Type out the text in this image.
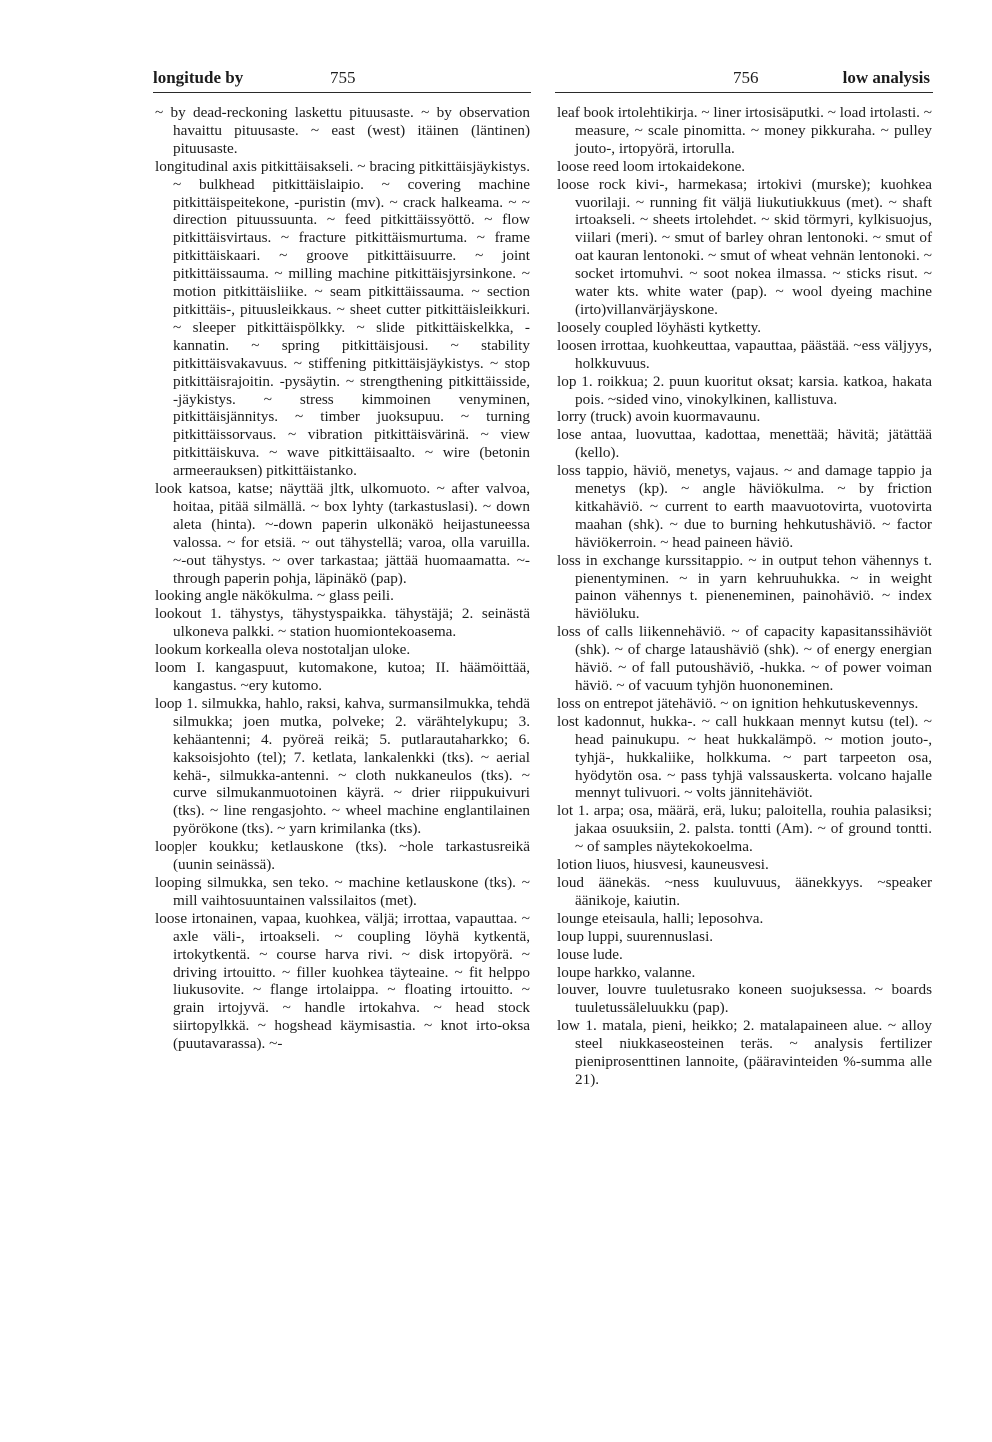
longitude by	755	756	low analysis

~ by dead-reckoning laskettu pituusaste. ~ by observation havaittu pituusaste. ~ east (west) itäinen (läntinen) pituusaste.

longitudinal axis pitkittäisakseli. ~ bracing pitkittäisjäykistys. ~ bulkhead pitkittäislaipio. ~ covering machine pitkittäispeitekone, -puristin (mv). ~ crack halkeama. ~ ~ direction pituussuunta. ~ feed pitkittäissyöttö. ~ flow pitkittäisvirtaus. ~ fracture pitkittäismurtuma. ~ frame pitkittäiskaari. ~ groove pitkittäisuurre. ~ joint pitkittäissauma. ~ milling machine pitkittäisjyrsinkone. ~ motion pitkittäisliike. ~ seam pitkittäissauma. ~ section pitkittäis-, pituusleikkaus. ~ sheet cutter pitkittäisleikkuri. ~ sleeper pitkittäispölkky. ~ slide pitkittäiskelkka, -kannatin. ~ spring pitkittäisjousi. ~ stability pitkittäisvakavuus. ~ stiffening pitkittäisjäykistys. ~ stop pitkittäisrajoitin. -pysäytin. ~ strengthening pitkittäisside, -jäykistys. ~ stress kimmoinen venyminen, pitkittäisjännitys. ~ timber juoksupuu. ~ turning pitkittäissorvaus. ~ vibration pitkittäisvärinä. ~ view pitkittäiskuva. ~ wave pitkittäisaalto. ~ wire (betonin armeerauksen) pitkittäistanko.

look katsoa, katse; näyttää jltk, ulkomuoto. ~ after valvoa, hoitaa, pitää silmällä. ~ box lyhty (tarkastuslasi). ~ down aleta (hinta). ~-down paperin ulkonäkö heijastuneessa valossa. ~ for etsiä. ~ out tähystellä; varoa, olla varuilla. ~-out tähystys. ~ over tarkastaa; jättää huomaamatta. ~-through paperin pohja, läpinäkö (pap).

looking angle näkökulma. ~ glass peili.

lookout 1. tähystys, tähystyspaikka. tähystäjä; 2. seinästä ulkoneva palkki. ~ station huomiontekoasema.

lookum korkealla oleva nostotaljan uloke.

loom I. kangaspuut, kutomakone, kutoa; II. häämöittää, kangastus. ~ery kutomo.

loop 1. silmukka, hahlo, raksi, kahva, surmansilmukka, tehdä silmukka; joen mutka, polveke; 2. värähtelykupu; 3. kehäantenni; 4. pyöreä reikä; 5. putlarautaharkko; 6. kaksoisjohto (tel); 7. ketlata, lankalenkki (tks). ~ aerial kehä-, silmukka-antenni. ~ cloth nukkaneulos (tks). ~ curve silmukanmuotoinen käyrä. ~ drier riippukuivuri (tks). ~ line rengasjohto. ~ wheel machine englantilainen pyörökone (tks). ~ yarn krimilanka (tks).

loop|er koukku; ketlauskone (tks). ~hole tarkastusreikä (uunin seinässä).

looping silmukka, sen teko. ~ machine ketlauskone (tks). ~ mill vaihtosuuntainen valssilaitos (met).

loose irtonainen, vapaa, kuohkea, väljä; irrottaa, vapauttaa. ~ axle väli-, irtoakseli. ~ coupling löyhä kytkentä, irtokytkentä. ~ course harva rivi. ~ disk irtopyörä. ~ driving irtouitto. ~ filler kuohkea täyteaine. ~ fit helppo liukusovite. ~ flange irtolaippa. ~ floating irtouitto. ~ grain irtojyvä. ~ handle irtokahva. ~ head stock siirtopylkkä. ~ hogshead käymisastia. ~ knot irto-oksa (puutavarassa). ~-

leaf book irtolehtikirja. ~ liner irtosisäputki. ~ load irtolasti. ~ measure, ~ scale pinomitta. ~ money pikkuraha. ~ pulley jouto-, irtopyörä, irtorulla.

loose reed loom irtokaidekone.

loose rock kivi-, harmekasa; irtokivi (murske); kuohkea vuorilaji. ~ running fit väljä liukutiukkuus (met). ~ shaft irtoakseli. ~ sheets irtolehdet. ~ skid törmyri, kylkisuojus, viilari (meri). ~ smut of barley ohran lentonoki. ~ smut of oat kauran lentonoki. ~ smut of wheat vehnän lentonoki. ~ socket irtomuhvi. ~ soot nokea ilmassa. ~ sticks risut. ~ water kts. white water (pap). ~ wool dyeing machine (irto)villanvärjäyskone.

loosely coupled löyhästi kytketty.

loosen irrottaa, kuohkeuttaa, vapauttaa, päästää. ~ess väljyys, holkkuvuus.

lop 1. roikkua; 2. puun kuoritut oksat; karsia. katkoa, hakata pois. ~sided vino, vinokylkinen, kallistuva.

lorry (truck) avoin kuormavaunu.

lose antaa, luovuttaa, kadottaa, menettää; hävitä; jätättää (kello).

loss tappio, häviö, menetys, vajaus. ~ and damage tappio ja menetys (kp). ~ angle häviökulma. ~ by friction kitkahäviö. ~ current to earth maavuotovirta, vuotovirta maahan (shk). ~ due to burning hehkutushäviö. ~ factor häviökerroin. ~ head paineen häviö.

loss in exchange kurssitappio. ~ in output tehon vähennys t. pienentyminen. ~ in yarn kehruuhukka. ~ in weight painon vähennys t. pieneneminen, painohäviö. ~ index häviöluku.

loss of calls liikennehäviö. ~ of capacity kapasitanssihäviöt (shk). ~ of charge lataushäviö (shk). ~ of energy energian häviö. ~ of fall putoushäviö, -hukka. ~ of power voiman häviö. ~ of vacuum tyhjön huononeminen.

loss on entrepot jätehäviö. ~ on ignition hehkutuskevennys.

lost kadonnut, hukka-. ~ call hukkaan mennyt kutsu (tel). ~ head painukupu. ~ heat hukkalämpö. ~ motion jouto-, tyhjä-, hukkaliike, holkkuma. ~ part tarpeeton osa, hyödytön osa. ~ pass tyhjä valssauskerta. volcano hajalle mennyt tulivuori. ~ volts jännitehäviöt.

lot 1. arpa; osa, määrä, erä, luku; paloitella, rouhia palasiksi; jakaa osuuksiin, 2. palsta. tontti (Am). ~ of ground tontti. ~ of samples näytekokoelma.

lotion liuos, hiusvesi, kauneusvesi.

loud äänekäs. ~ness kuuluvuus, äänekkyys. ~speaker äänikoje, kaiutin.

lounge eteisaula, halli; leposohva.

loup luppi, suurennuslasi.

louse lude.

loupe harkko, valanne.

louver, louvre tuuletusrako koneen suojuksessa. ~ boards tuuletussäleluukku (pap).

low 1. matala, pieni, heikko; 2. matalapaineen alue. ~ alloy steel niukkaseosteinen teräs. ~ analysis fertilizer pieniprosenttinen lannoite, (pääravinteiden %-summa alle 21).
